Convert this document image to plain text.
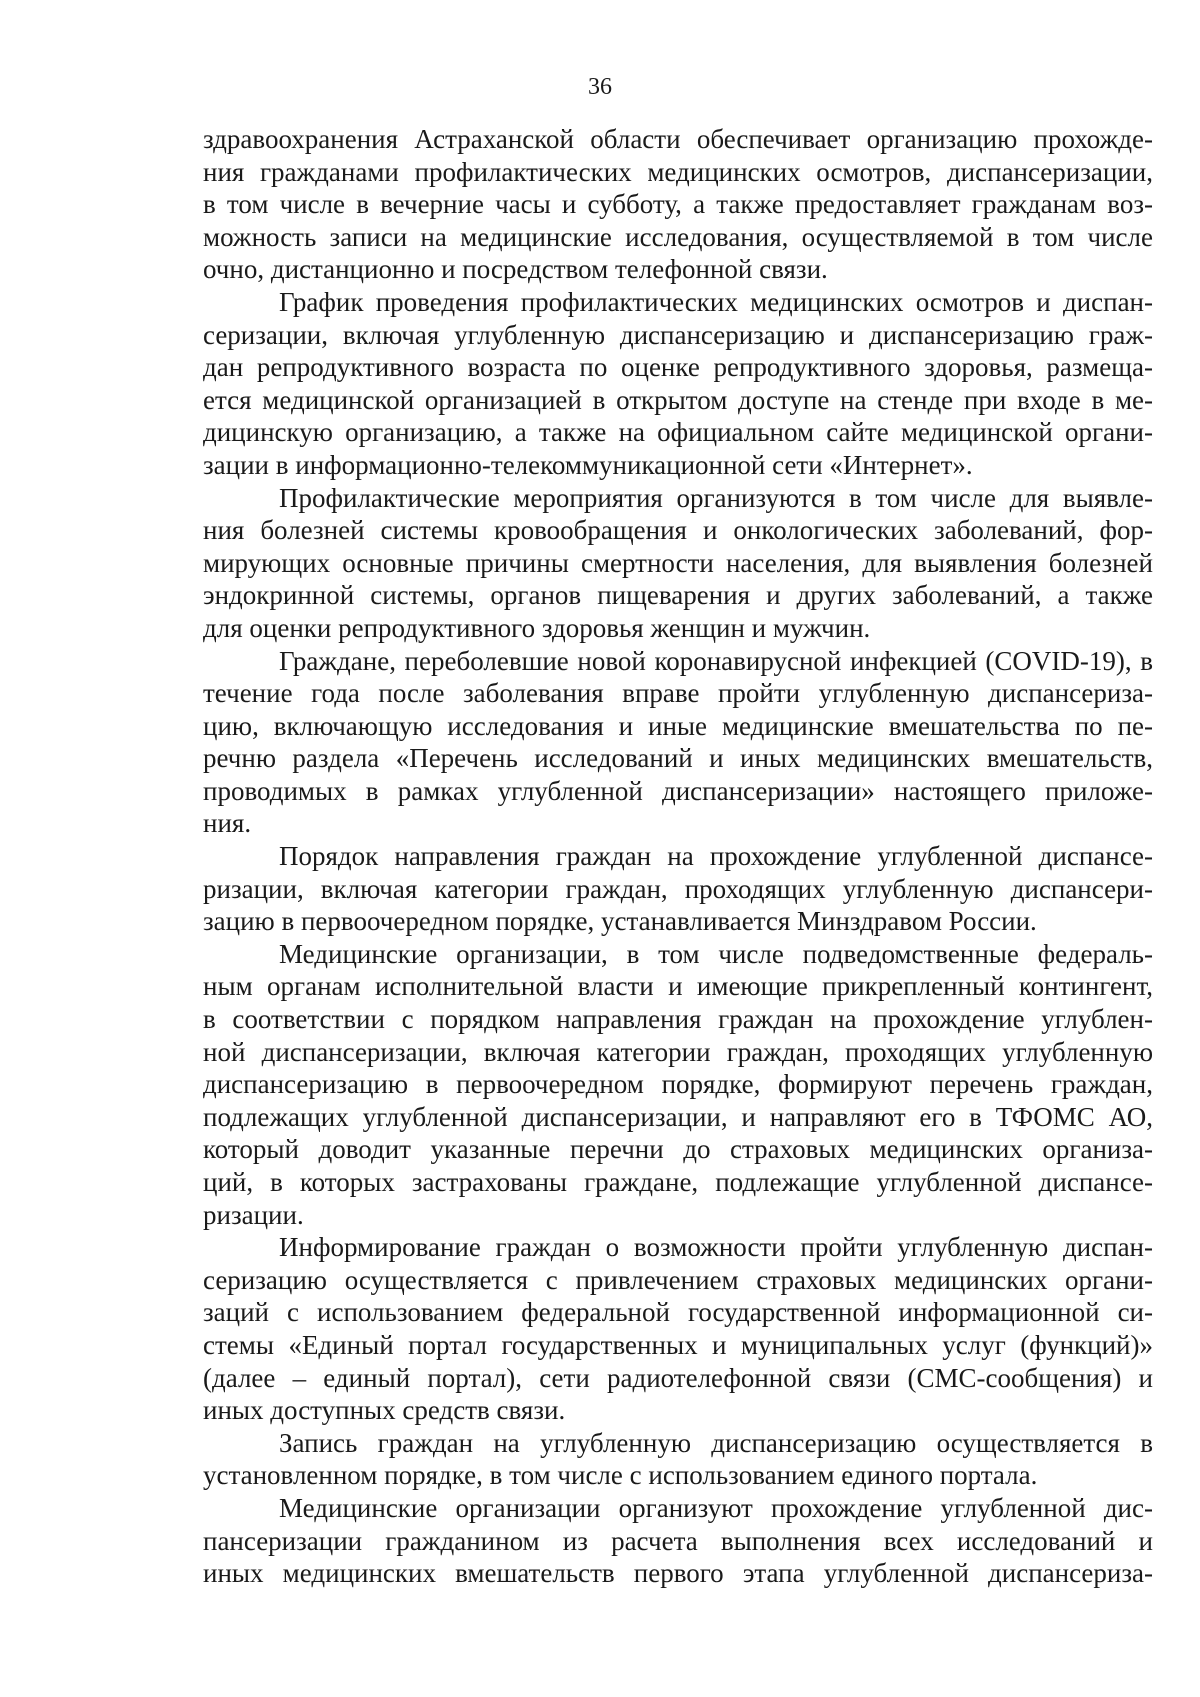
36

здравоохранения Астраханской области обеспечивает организацию прохожде-
ния гражданами профилактических медицинских осмотров, диспансеризации,
в том числе в вечерние часы и субботу, а также предоставляет гражданам воз-
можность записи на медицинские исследования, осуществляемой в том числе
очно, дистанционно и посредством телефонной связи.

График проведения профилактических медицинских осмотров и диспан-
серизации, включая углубленную диспансеризацию и диспансеризацию граж-
дан репродуктивного возраста по оценке репродуктивного здоровья, размеща-
ется медицинской организацией в открытом доступе на стенде при входе в ме-
дицинскую организацию, а также на официальном сайте медицинской органи-
зации в информационно-телекоммуникационной сети «Интернет».

Профилактические мероприятия организуются в том числе для выявле-
ния болезней системы кровообращения и онкологических заболеваний, фор-
мирующих основные причины смертности населения, для выявления болезней
эндокринной системы, органов пищеварения и других заболеваний, а также
для оценки репродуктивного здоровья женщин и мужчин.

Граждане, переболевшие новой коронавирусной инфекцией (COVID-19), в
течение года после заболевания вправе пройти углубленную диспансериза-
цию, включающую исследования и иные медицинские вмешательства по пе-
речню раздела «Перечень исследований и иных медицинских вмешательств,
проводимых в рамках углубленной диспансеризации» настоящего приложе-
ния.

Порядок направления граждан на прохождение углубленной диспансе-
ризации, включая категории граждан, проходящих углубленную диспансери-
зацию в первоочередном порядке, устанавливается Минздравом России.

Медицинские организации, в том числе подведомственные федераль-
ным органам исполнительной власти и имеющие прикрепленный контингент,
в соответствии с порядком направления граждан на прохождение углублен-
ной диспансеризации, включая категории граждан, проходящих углубленную
диспансеризацию в первоочередном порядке, формируют перечень граждан,
подлежащих углубленной диспансеризации, и направляют его в ТФОМС АО,
который доводит указанные перечни до страховых медицинских организа-
ций, в которых застрахованы граждане, подлежащие углубленной диспансе-
ризации.

Информирование граждан о возможности пройти углубленную диспан-
серизацию осуществляется с привлечением страховых медицинских органи-
заций с использованием федеральной государственной информационной си-
стемы «Единый портал государственных и муниципальных услуг (функций)»
(далее – единый портал), сети радиотелефонной связи (СМС-сообщения) и
иных доступных средств связи.

Запись граждан на углубленную диспансеризацию осуществляется в
установленном порядке, в том числе с использованием единого портала.

Медицинские организации организуют прохождение углубленной дис-
пансеризации гражданином из расчета выполнения всех исследований и
иных медицинских вмешательств первого этапа углубленной диспансериза-
